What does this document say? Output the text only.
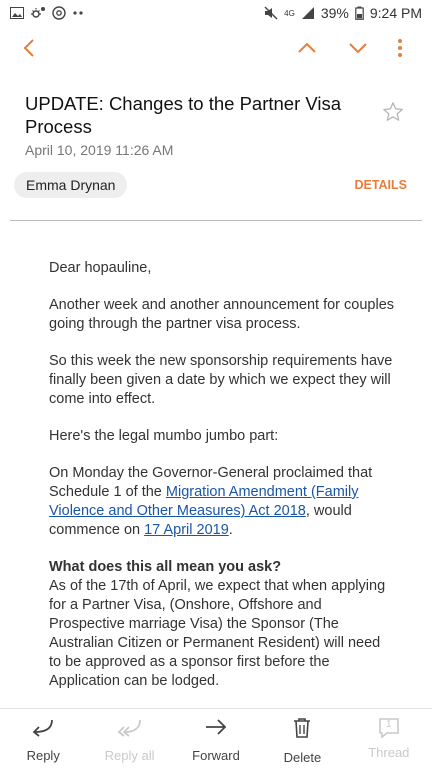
4G 39% 9:24 PM
UPDATE: Changes to the Partner Visa Process
April 10, 2019 11:26 AM
Emma Drynan	DETAILS

Dear hopauline,

Another week and another announcement for couples going through the partner visa process.

So this week the new sponsorship requirements have finally been given a date by which we expect they will come into effect.

Here's the legal mumbo jumbo part:

On Monday the Governor-General proclaimed that Schedule 1 of the Migration Amendment (Family Violence and Other Measures) Act 2018, would commence on 17 April 2019.

What does this all mean you ask?
As of the 17th of April, we expect that when applying for a Partner Visa, (Onshore, Offshore and Prospective marriage Visa) the Sponsor (The Australian Citizen or Permanent Resident) will need to be approved as a sponsor first before the Application can be lodged.

Reply	Reply all	Forward	Delete
1
Thread
